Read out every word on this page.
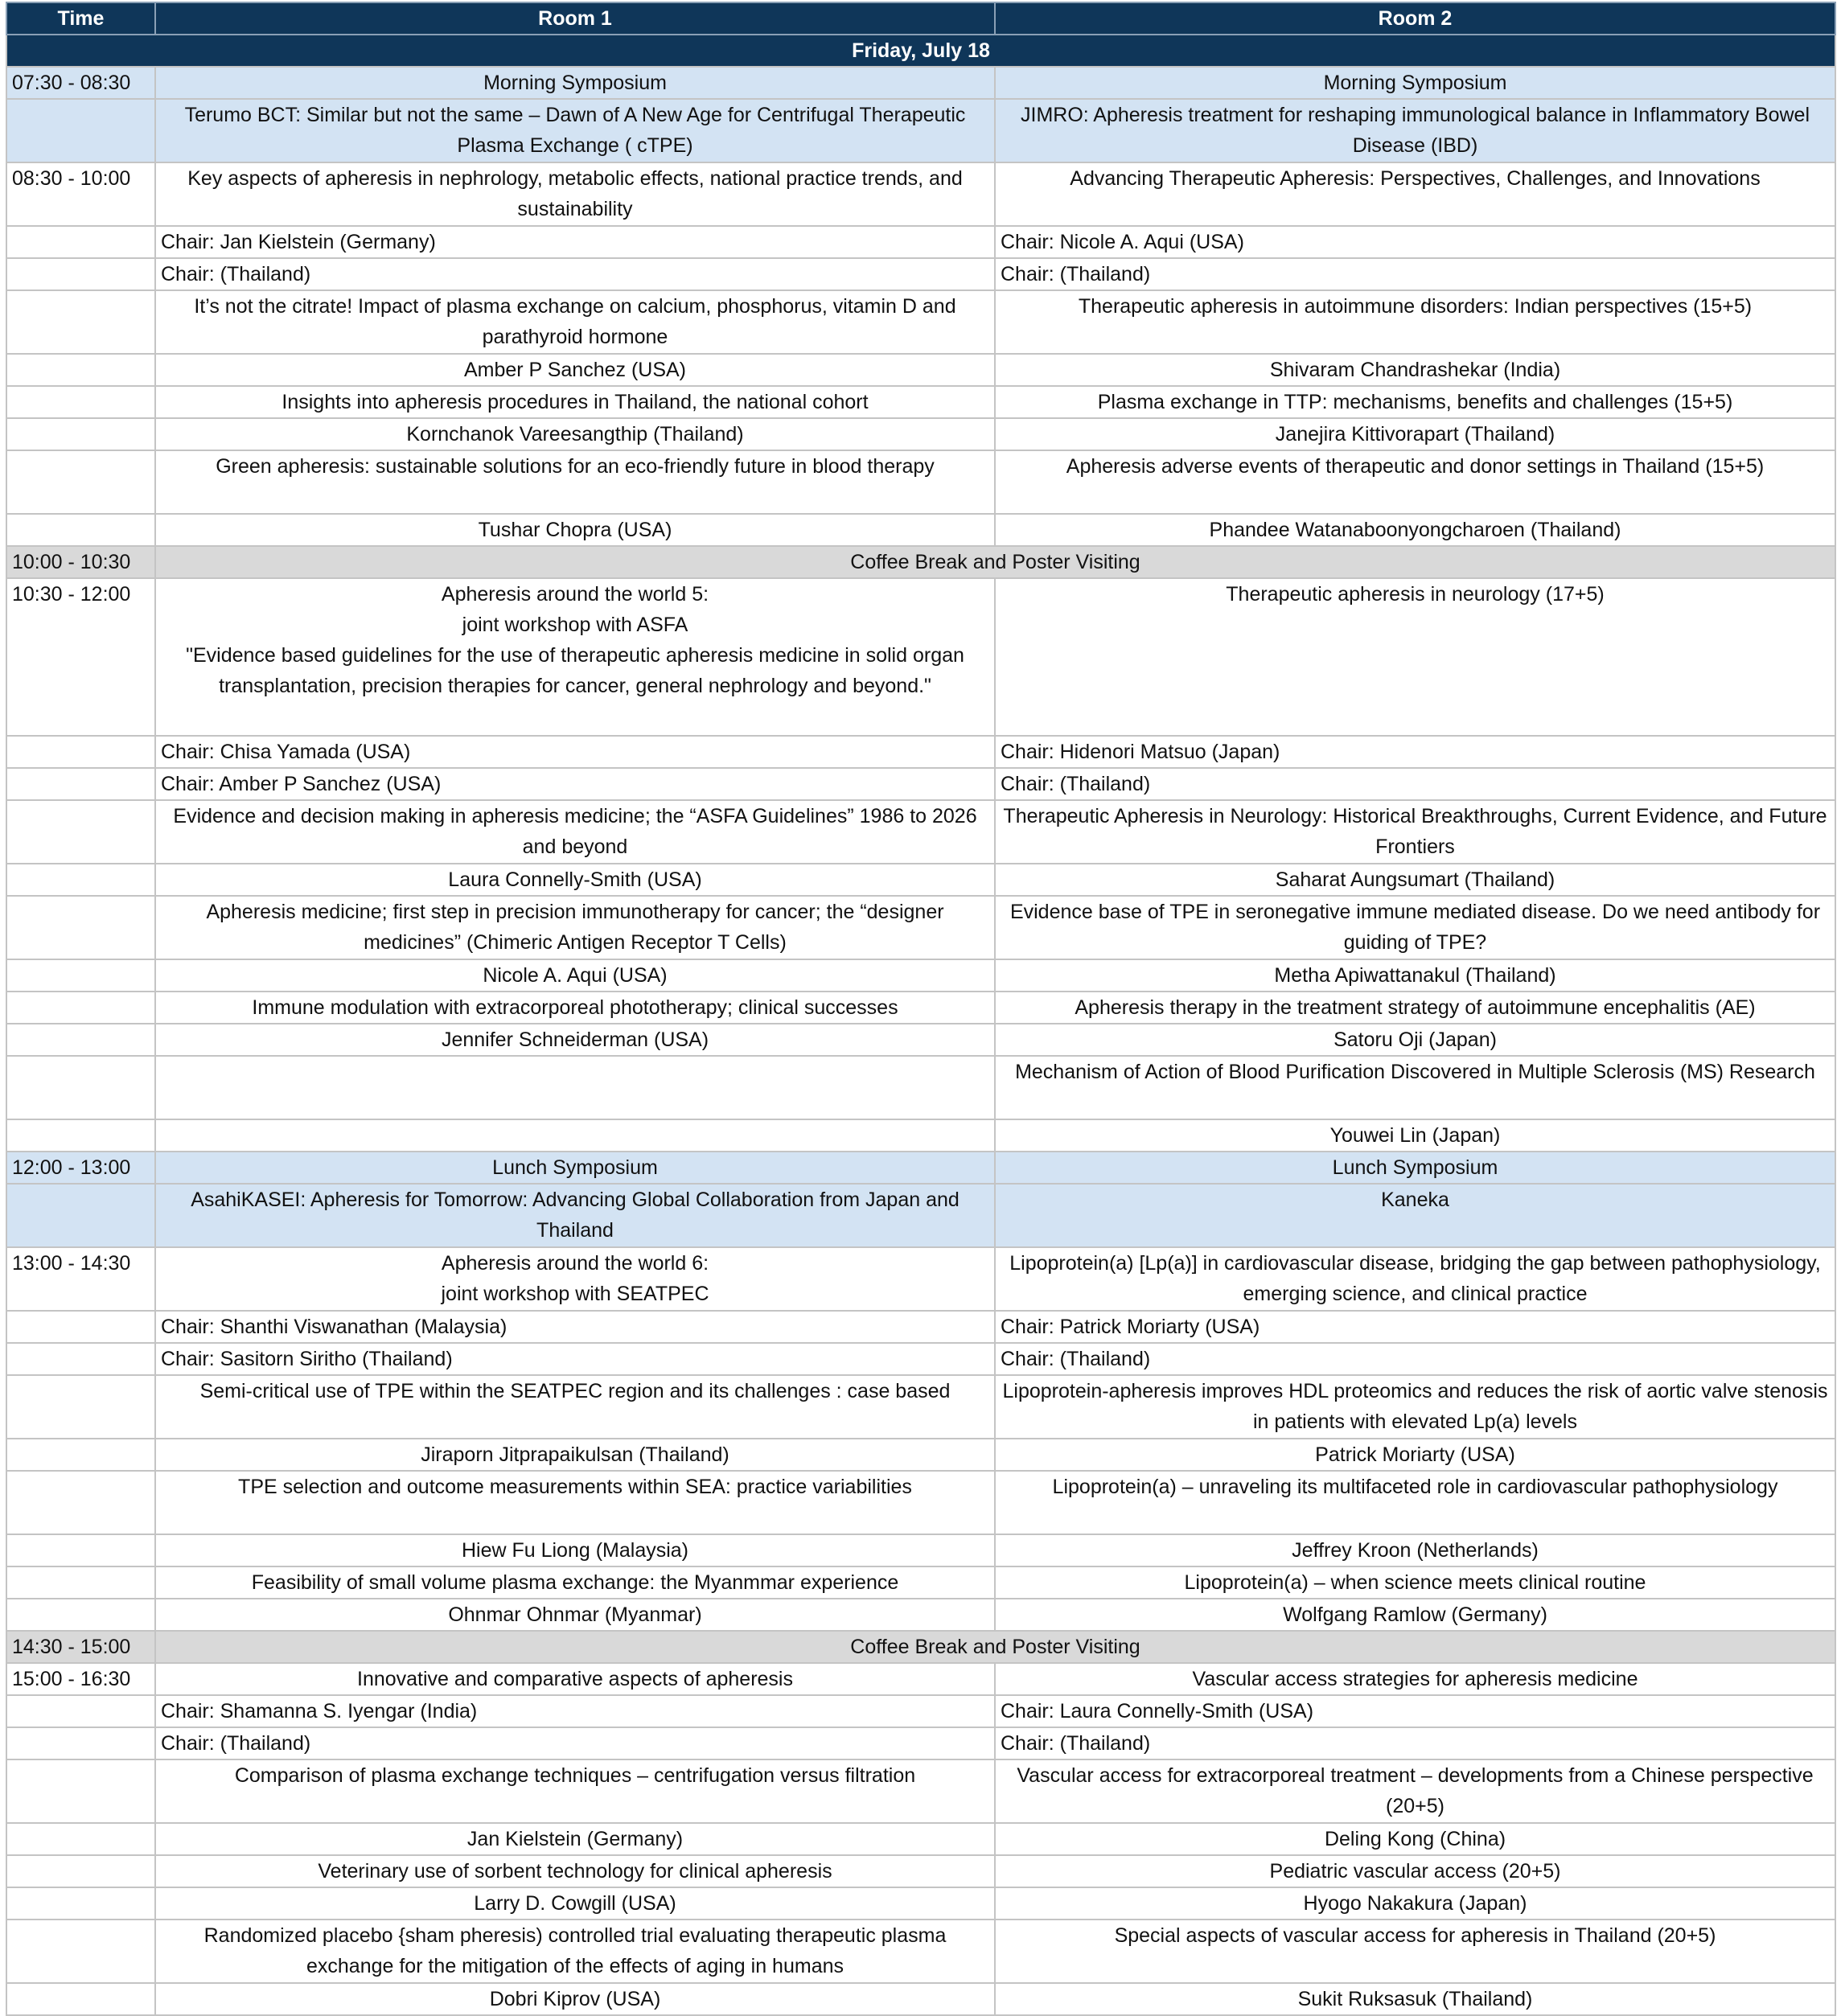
Time	Room 1	Room 2
Friday, July 18		
07:30 - 08:30	Morning Symposium	Morning Symposium
	Terumo BCT: Similar but not the same – Dawn of A New Age for Centrifugal Therapeutic Plasma Exchange ( cTPE)	JIMRO: Apheresis treatment for reshaping immunological balance in Inflammatory Bowel Disease (IBD)
08:30 - 10:00	Key aspects of apheresis in nephrology, metabolic effects, national practice trends, and sustainability	Advancing Therapeutic Apheresis: Perspectives, Challenges, and Innovations
	Chair: Jan Kielstein (Germany)	Chair: Nicole A. Aqui (USA)
	Chair: (Thailand)	Chair: (Thailand)
	It’s not the citrate! Impact of plasma exchange on calcium, phosphorus, vitamin D and parathyroid hormone	Therapeutic apheresis in autoimmune disorders: Indian perspectives (15+5)
	Amber P Sanchez (USA)	Shivaram Chandrashekar (India)
	Insights into apheresis procedures in Thailand, the national cohort	Plasma exchange in TTP: mechanisms, benefits and challenges (15+5)
	Kornchanok Vareesangthip (Thailand)	Janejira Kittivorapart (Thailand)
	Green apheresis: sustainable solutions for an eco-friendly future in blood therapy	Apheresis adverse events of therapeutic and donor settings in Thailand (15+5)
	Tushar Chopra (USA)	Phandee Watanaboonyongcharoen (Thailand)
10:00 - 10:30	Coffee Break and Poster Visiting	
10:30 - 12:00	Apheresis around the world 5:
joint workshop with ASFA
"Evidence based guidelines for the use of therapeutic apheresis medicine in solid organ transplantation, precision therapies for cancer, general nephrology and beyond."	Therapeutic apheresis in neurology (17+5)
	Chair: Chisa Yamada (USA)	Chair: Hidenori Matsuo (Japan)
	Chair: Amber P Sanchez (USA)	Chair: (Thailand)
	Evidence and decision making in apheresis medicine; the “ASFA Guidelines” 1986 to 2026 and beyond	Therapeutic Apheresis in Neurology: Historical Breakthroughs, Current Evidence, and Future Frontiers
	Laura Connelly-Smith (USA)	Saharat Aungsumart (Thailand)
	Apheresis medicine; first step in precision immunotherapy for cancer; the “designer medicines” (Chimeric Antigen Receptor T Cells)	Evidence base of TPE in seronegative immune mediated disease. Do we need antibody for guiding of TPE?
	Nicole A. Aqui (USA)	Metha Apiwattanakul (Thailand)
	Immune modulation with extracorporeal phototherapy; clinical successes	Apheresis therapy in the treatment strategy of autoimmune encephalitis (AE)
	Jennifer Schneiderman (USA)	Satoru Oji (Japan)
		Mechanism of Action of Blood Purification Discovered in Multiple Sclerosis (MS) Research
		Youwei Lin (Japan)
12:00 - 13:00	Lunch Symposium	Lunch Symposium
	AsahiKASEI: Apheresis for Tomorrow: Advancing Global Collaboration from Japan and Thailand	Kaneka
13:00 - 14:30	Apheresis around the world 6:
joint workshop with SEATPEC	Lipoprotein(a) [Lp(a)] in cardiovascular disease, bridging the gap between pathophysiology, emerging science, and clinical practice
	Chair: Shanthi Viswanathan (Malaysia)	Chair: Patrick Moriarty (USA)
	Chair: Sasitorn Siritho (Thailand)	Chair: (Thailand)
	Semi-critical use of TPE within the SEATPEC region and its challenges : case based	Lipoprotein-apheresis improves HDL proteomics and reduces the risk of aortic valve stenosis in patients with elevated Lp(a) levels
	Jiraporn Jitprapaikulsan (Thailand)	Patrick Moriarty (USA)
	TPE selection and outcome measurements within SEA: practice variabilities	Lipoprotein(a) – unraveling its multifaceted role in cardiovascular pathophysiology
	Hiew Fu Liong (Malaysia)	Jeffrey Kroon (Netherlands)
	Feasibility of small volume plasma exchange: the Myanmmar experience	Lipoprotein(a) – when science meets clinical routine
	Ohnmar Ohnmar (Myanmar)	Wolfgang Ramlow (Germany)
14:30 - 15:00	Coffee Break and Poster Visiting	
15:00 - 16:30	Innovative and comparative aspects of apheresis	Vascular access strategies for apheresis medicine
	Chair: Shamanna S. Iyengar (India)	Chair: Laura Connelly-Smith (USA)
	Chair: (Thailand)	Chair: (Thailand)
	Comparison of plasma exchange techniques – centrifugation versus filtration	Vascular access for extracorporeal treatment – developments from a Chinese perspective (20+5)
	Jan Kielstein (Germany)	Deling Kong (China)
	Veterinary use of sorbent technology for clinical apheresis	Pediatric vascular access (20+5)
	Larry D. Cowgill (USA)	Hyogo Nakakura (Japan)
	Randomized placebo {sham pheresis) controlled trial evaluating therapeutic plasma exchange for the mitigation of the effects of aging in humans	Special aspects of vascular access for apheresis in Thailand (20+5)
	Dobri Kiprov (USA)	Sukit Ruksasuk (Thailand)
